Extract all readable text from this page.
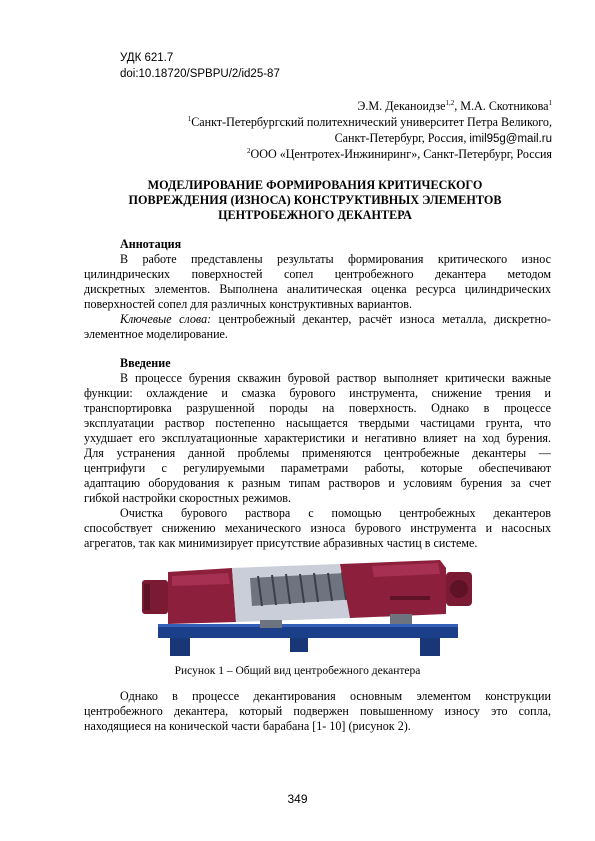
УДК 621.7
doi:10.18720/SPBPU/2/id25-87
Э.М. Деканоидзе$^{1,2}$, М.А. Скотникова$^1$
$^1$Санкт-Петербургский политехнический университет Петра Великого,
Санкт-Петербург, Россия, imil95g@mail.ru
$^2$ООО «Центротех-Инжиниринг», Санкт-Петербург, Россия
МОДЕЛИРОВАНИЕ ФОРМИРОВАНИЯ КРИТИЧЕСКОГО
ПОВРЕЖДЕНИЯ (ИЗНОСА) КОНСТРУКТИВНЫХ ЭЛЕМЕНТОВ
ЦЕНТРОБЕЖНОГО ДЕКАНТЕРА
Аннотация
В работе представлены результаты формирования критического износ
цилиндрических поверхностей сопел центробежного декантера методом
дискретных элементов. Выполнена аналитическая оценка ресурса цилиндрических
поверхностей сопел для различных конструктивных вариантов.
Ключевые слова: центробежный декантер, расчёт износа металла, дискретно-
элементное моделирование.
Введение
В процессе бурения скважин буровой раствор выполняет критически важные
функции: охлаждение и смазка бурового инструмента, снижение трения и
транспортировка разрушенной породы на поверхность. Однако в процессе
эксплуатации раствор постепенно насыщается твердыми частицами грунта, что
ухудшает его эксплуатационные характеристики и негативно влияет на ход бурения.
Для устранения данной проблемы применяются центробежные декантеры —
центрифуги с регулируемыми параметрами работы, которые обеспечивают
адаптацию оборудования к разным типам растворов и условиям бурения за счет
гибкой настройки скоростных режимов.
Очистка бурового раствора с помощью центробежных декантеров
способствует снижению механического износа бурового инструмента и насосных
агрегатов, так как минимизирует присутствие абразивных частиц в системе.
Рисунок 1 – Общий вид центробежного декантера
Однако в процессе декантирования основным элементом конструкции
центробежного декантера, который подвержен повышенному износу это сопла,
находящиеся на конической части барабана [1- 10] (рисунок 2).
349
